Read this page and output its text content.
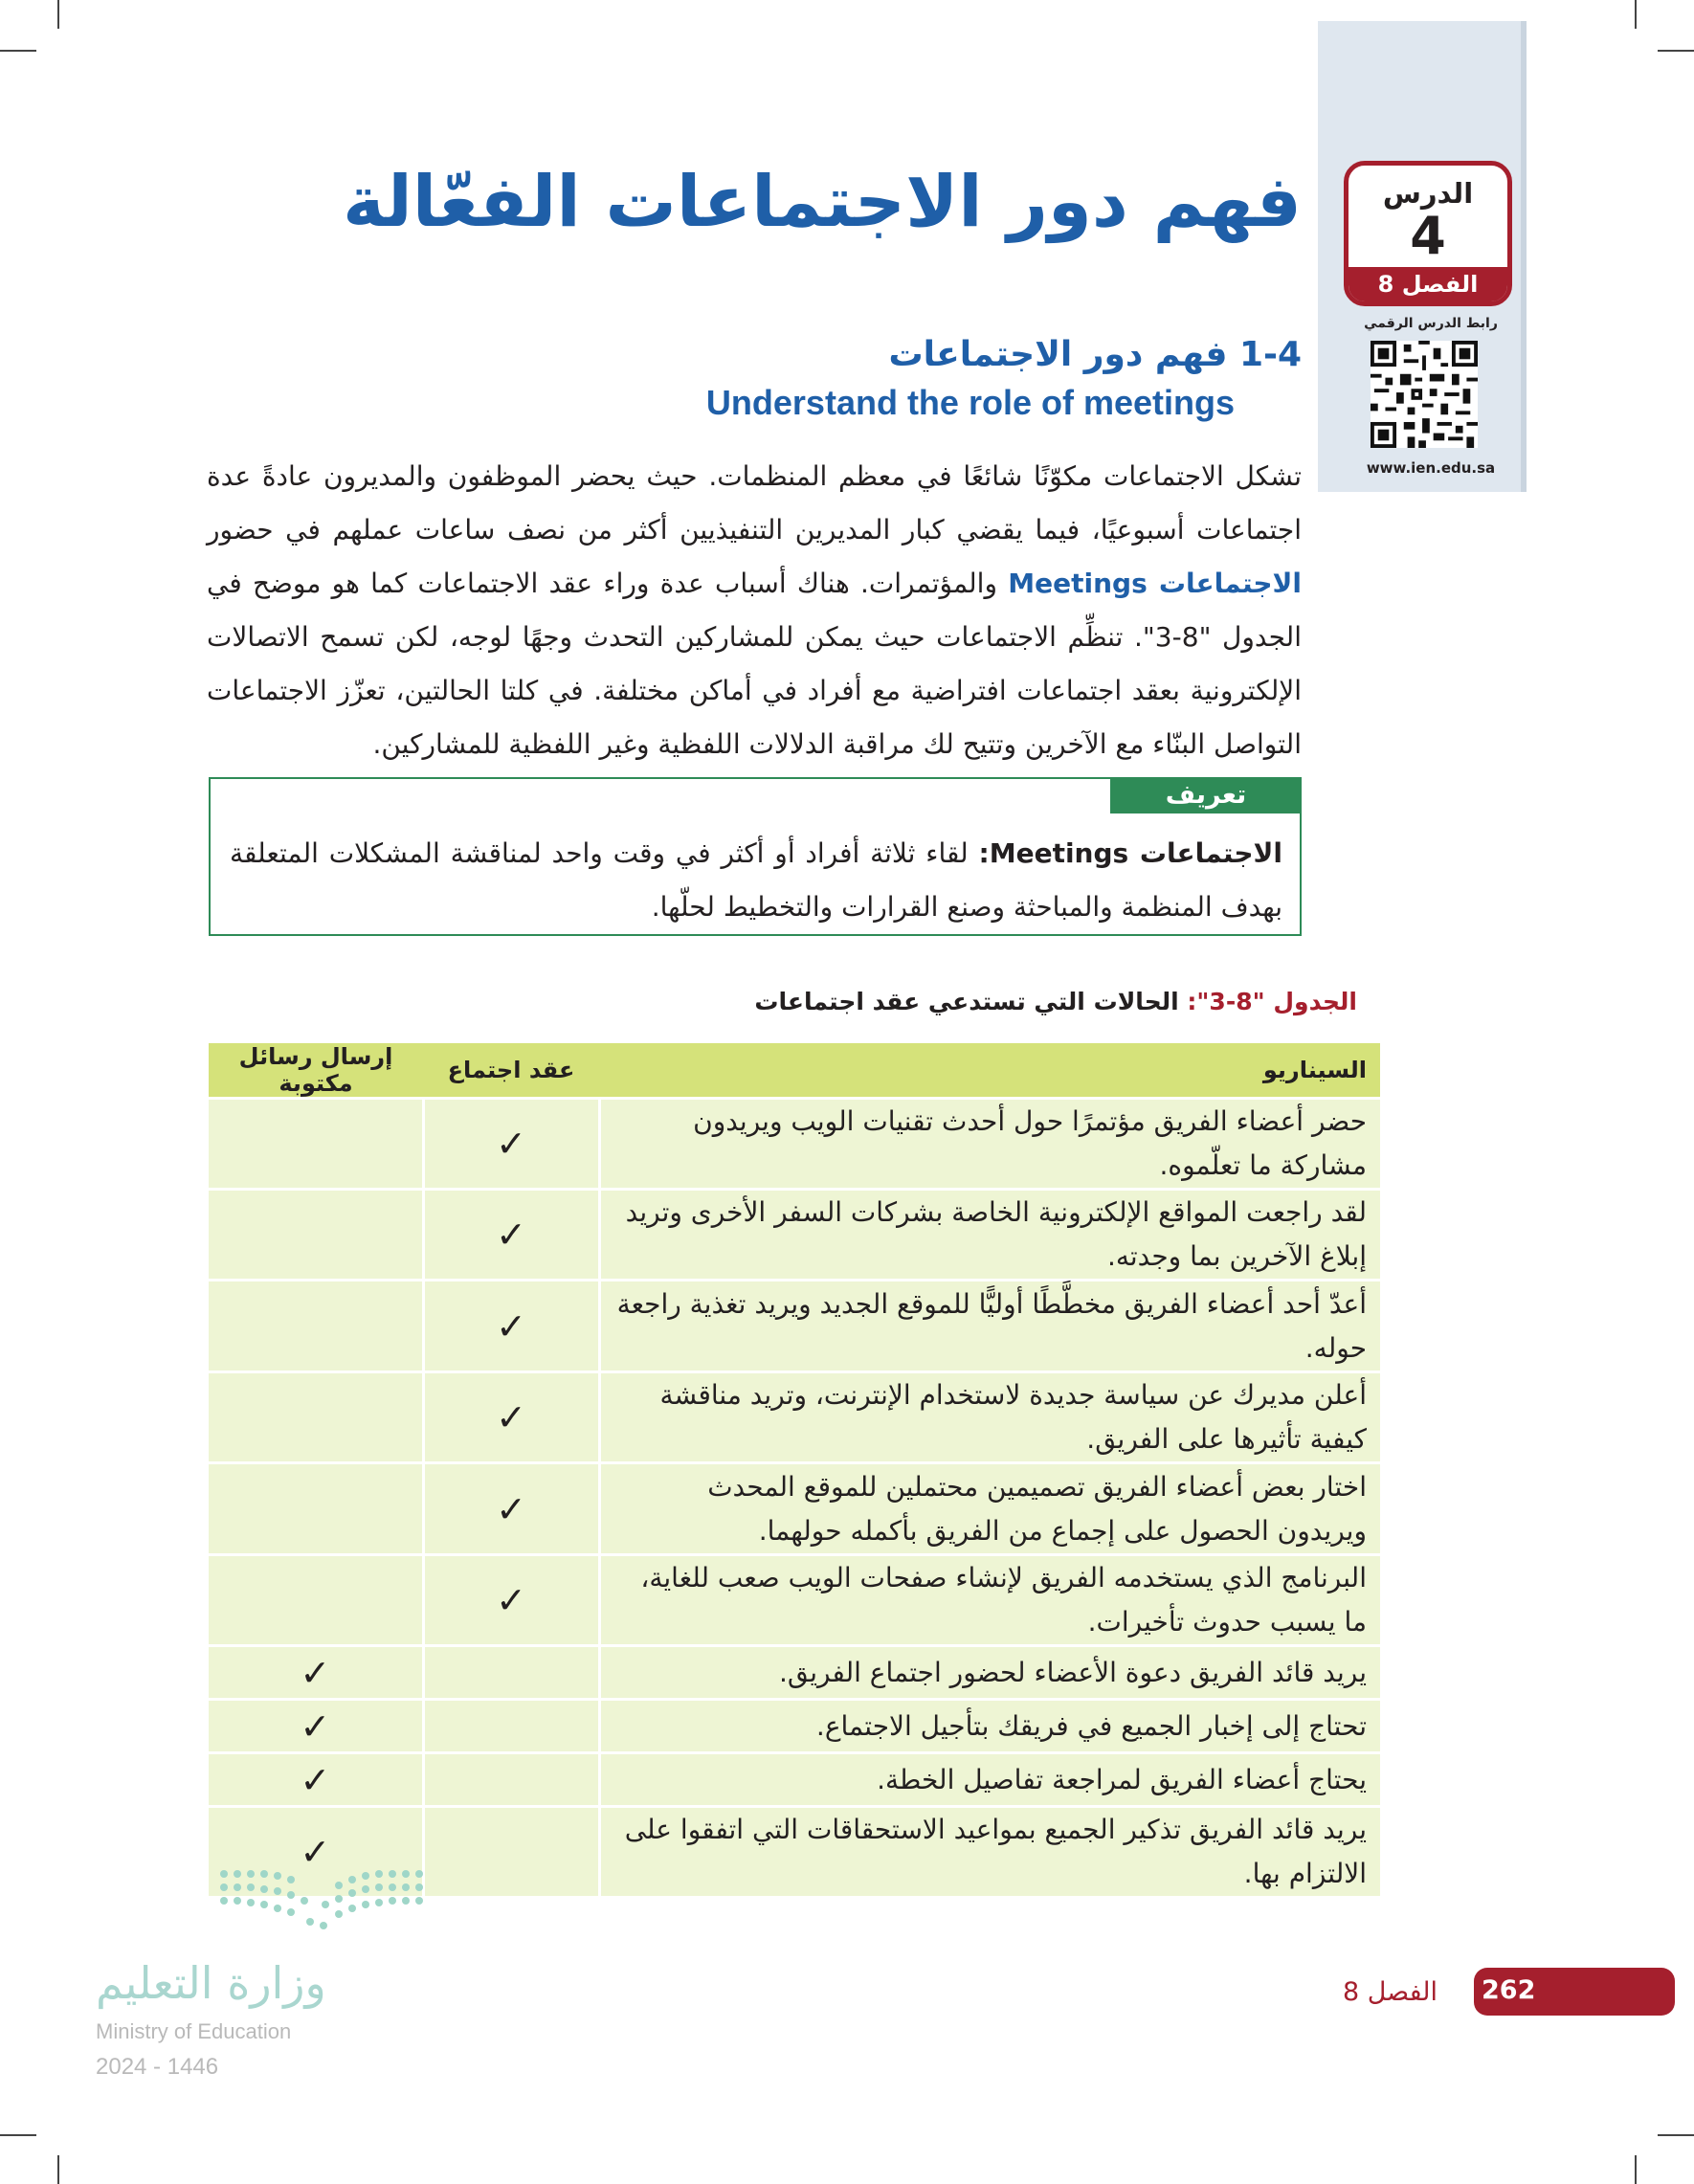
الدرس
4
الفصل 8
رابط الدرس الرقمي
www.ien.edu.sa
فهم دور الاجتماعات الفعّالة
1-4 فهم دور الاجتماعات
Understand the role of meetings
تشكل الاجتماعات مكوّنًا شائعًا في معظم المنظمات. حيث يحضر الموظفون والمديرون عادةً عدة اجتماعات أسبوعيًا، فيما يقضي كبار المديرين التنفيذيين أكثر من نصف ساعات عملهم في حضور الاجتماعات Meetings والمؤتمرات. هناك أسباب عدة وراء عقد الاجتماعات كما هو موضح في الجدول "8-3". تنظِّم الاجتماعات حيث يمكن للمشاركين التحدث وجهًا لوجه، لكن تسمح الاتصالات الإلكترونية بعقد اجتماعات افتراضية مع أفراد في أماكن مختلفة. في كلتا الحالتين، تعزّز الاجتماعات التواصل البنّاء مع الآخرين وتتيح لك مراقبة الدلالات اللفظية وغير اللفظية للمشاركين.
تعريف
الاجتماعات Meetings: لقاء ثلاثة أفراد أو أكثر في وقت واحد لمناقشة المشكلات المتعلقة بهدف المنظمة والمباحثة وصنع القرارات والتخطيط لحلّها.
الجدول "8-3": الحالات التي تستدعي عقد اجتماعات
السيناريو	عقد اجتماع	إرسال رسائل مكتوبة
حضر أعضاء الفريق مؤتمرًا حول أحدث تقنيات الويب ويريدون مشاركة ما تعلّموه.	✓	
لقد راجعت المواقع الإلكترونية الخاصة بشركات السفر الأخرى وتريد إبلاغ الآخرين بما وجدته.	✓	
أعدّ أحد أعضاء الفريق مخطَّطًا أوليًّا للموقع الجديد ويريد تغذية راجعة حوله.	✓	
أعلن مديرك عن سياسة جديدة لاستخدام الإنترنت، وتريد مناقشة كيفية تأثيرها على الفريق.	✓	
اختار بعض أعضاء الفريق تصميمين محتملين للموقع المحدث ويريدون الحصول على إجماع من الفريق بأكمله حولهما.	✓	
البرنامج الذي يستخدمه الفريق لإنشاء صفحات الويب صعب للغاية، ما يسبب حدوث تأخيرات.	✓	
يريد قائد الفريق دعوة الأعضاء لحضور اجتماع الفريق.		✓
تحتاج إلى إخبار الجميع في فريقك بتأجيل الاجتماع.		✓
يحتاج أعضاء الفريق لمراجعة تفاصيل الخطة.		✓
يريد قائد الفريق تذكير الجميع بمواعيد الاستحقاقات التي اتفقوا على الالتزام بها.		✓
262
الفصل 8
وزارة التعليم
Ministry of Education
2024 - 1446
